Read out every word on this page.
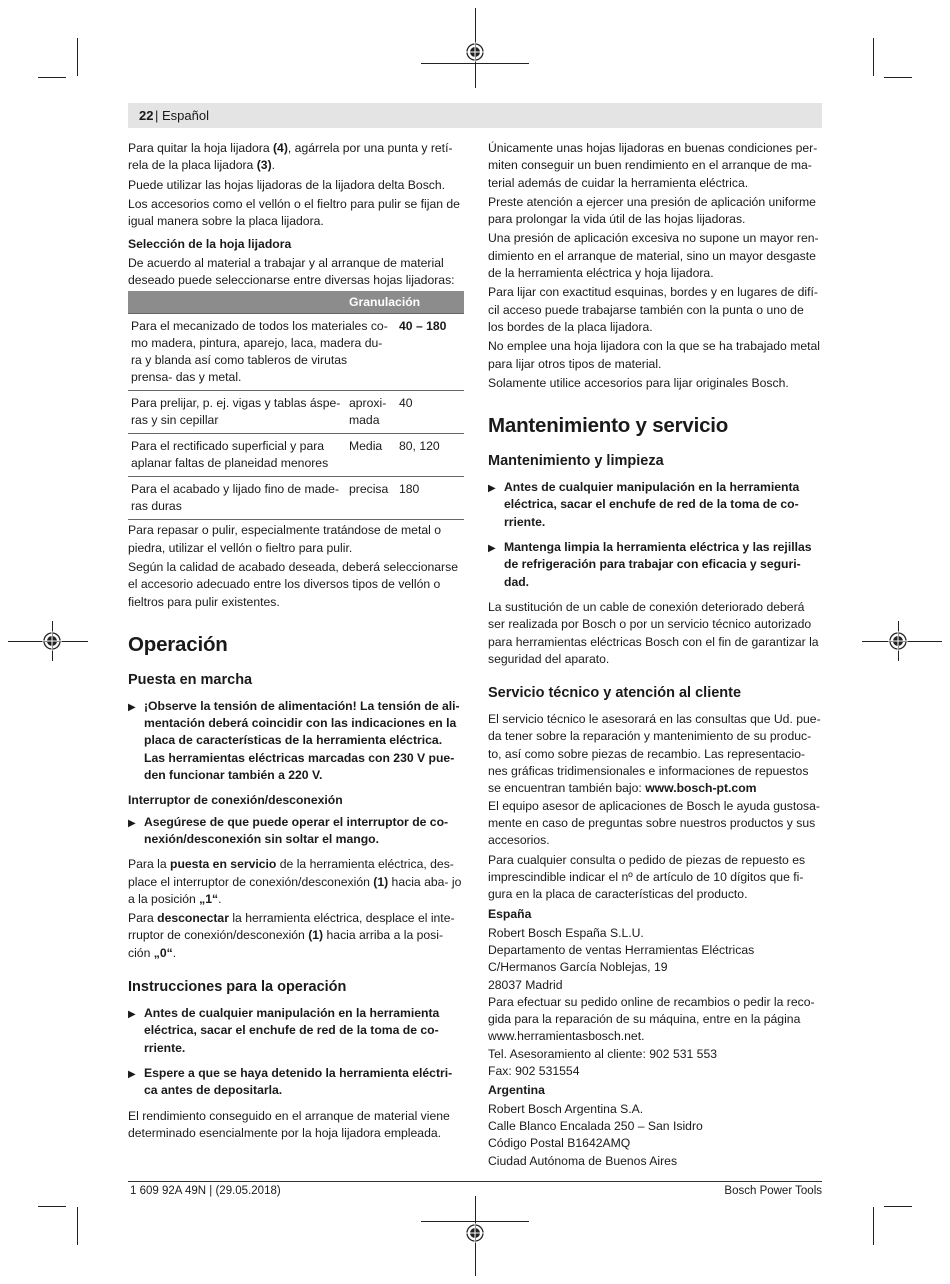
22 | Español

Para quitar la hoja lijadora (4), agárrela por una punta y retí- rela de la placa lijadora (3).

Puede utilizar las hojas lijadoras de la lijadora delta Bosch.

Los accesorios como el vellón o el fieltro para pulir se fijan de igual manera sobre la placa lijadora.

Selección de la hoja lijadora

De acuerdo al material a trabajar y al arranque de material deseado puede seleccionarse entre diversas hojas lijadoras:

	Granulación	
Para el mecanizado de todos los materiales co- mo madera, pintura, aparejo, laca, madera du- ra y blanda así como tableros de virutas prensa- das y metal.		40 – 180
Para prelijar, p. ej. vigas y tablas áspe- ras y sin cepillar	aproxi- mada	40
Para el rectificado superficial y para aplanar faltas de planeidad menores	Media	80, 120
Para el acabado y lijado fino de made- ras duras	precisa	180

Para repasar o pulir, especialmente tratándose de metal o piedra, utilizar el vellón o fieltro para pulir.

Según la calidad de acabado deseada, deberá seleccionarse el accesorio adecuado entre los diversos tipos de vellón o fieltros para pulir existentes.

Operación
Puesta en marcha
▶ ¡Observe la tensión de alimentación! La tensión de ali- mentación deberá coincidir con las indicaciones en la placa de características de la herramienta eléctrica. Las herramientas eléctricas marcadas con 230 V pue- den funcionar también a 220 V.

Interruptor de conexión/desconexión

▶ Asegúrese de que puede operar el interruptor de co- nexión/desconexión sin soltar el mango.

Para la puesta en servicio de la herramienta eléctrica, des- place el interruptor de conexión/desconexión (1) hacia aba- jo a la posición „1“.

Para desconectar la herramienta eléctrica, desplace el inte- rruptor de conexión/desconexión (1) hacia arriba a la posi- ción „0“.

Instrucciones para la operación
▶ Antes de cualquier manipulación en la herramienta eléctrica, sacar el enchufe de red de la toma de co- rriente.
▶ Espere a que se haya detenido la herramienta eléctri- ca antes de depositarla.

El rendimiento conseguido en el arranque de material viene determinado esencialmente por la hoja lijadora empleada.

Únicamente unas hojas lijadoras en buenas condiciones per- miten conseguir un buen rendimiento en el arranque de ma- terial además de cuidar la herramienta eléctrica.

Preste atención a ejercer una presión de aplicación uniforme para prolongar la vida útil de las hojas lijadoras.

Una presión de aplicación excesiva no supone un mayor ren- dimiento en el arranque de material, sino un mayor desgaste de la herramienta eléctrica y hoja lijadora.

Para lijar con exactitud esquinas, bordes y en lugares de difí- cil acceso puede trabajarse también con la punta o uno de los bordes de la placa lijadora.

No emplee una hoja lijadora con la que se ha trabajado metal para lijar otros tipos de material.

Solamente utilice accesorios para lijar originales Bosch.

Mantenimiento y servicio
Mantenimiento y limpieza
▶ Antes de cualquier manipulación en la herramienta eléctrica, sacar el enchufe de red de la toma de co- rriente.
▶ Mantenga limpia la herramienta eléctrica y las rejillas de refrigeración para trabajar con eficacia y seguri- dad.

La sustitución de un cable de conexión deteriorado deberá ser realizada por Bosch o por un servicio técnico autorizado para herramientas eléctricas Bosch con el fin de garantizar la seguridad del aparato.

Servicio técnico y atención al cliente

El servicio técnico le asesorará en las consultas que Ud. pue- da tener sobre la reparación y mantenimiento de su produc- to, así como sobre piezas de recambio. Las representacio- nes gráficas tridimensionales e informaciones de repuestos se encuentran también bajo: www.bosch-pt.com

El equipo asesor de aplicaciones de Bosch le ayuda gustosa- mente en caso de preguntas sobre nuestros productos y sus accesorios.

Para cualquier consulta o pedido de piezas de repuesto es imprescindible indicar el nº de artículo de 10 dígitos que fi- gura en la placa de características del producto.

España

Robert Bosch España S.L.U.

Departamento de ventas Herramientas Eléctricas

C/Hermanos García Noblejas, 19

28037 Madrid

Para efectuar su pedido online de recambios o pedir la reco- gida para la reparación de su máquina, entre en la página www.herramientasbosch.net.

Tel. Asesoramiento al cliente: 902 531 553

Fax: 902 531554

Argentina

Robert Bosch Argentina S.A.

Calle Blanco Encalada 250 – San Isidro

Código Postal B1642AMQ

Ciudad Autónoma de Buenos Aires

1 609 92A 49N | (29.05.2018)	Bosch Power Tools
